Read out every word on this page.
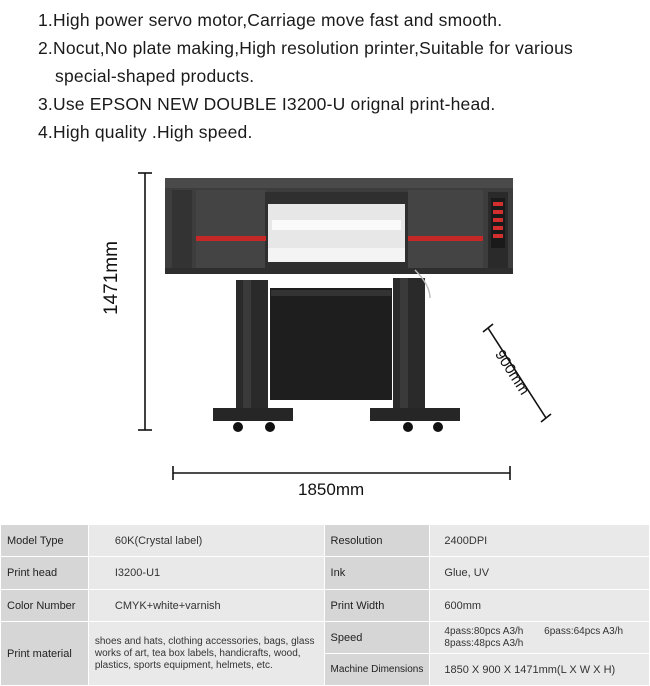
1.High power servo motor,Carriage move fast and smooth.
2.Nocut,No plate making,High resolution printer,Suitable for various
special-shaped products.
3.Use EPSON NEW DOUBLE I3200-U orignal print-head.
4.High quality .High speed.
1471mm
900mm
1850mm
Model Type	60K(Crystal label)	Resolution	2400DPI
Print head	I3200-U1	Ink	Glue, UV
Color Number	CMYK+white+varnish	Print Width	600mm
Print material	shoes and hats, clothing accessories, bags, glass works of art, tea box labels, handicrafts, wood, plastics, sports equipment, helmets, etc.	Speed	4pass:80pcs A3/h 6pass:64pcs A3/h
8pass:48pcs A3/h
		Machine Dimensions	1850 X 900 X 1471mm(L X W X H)
